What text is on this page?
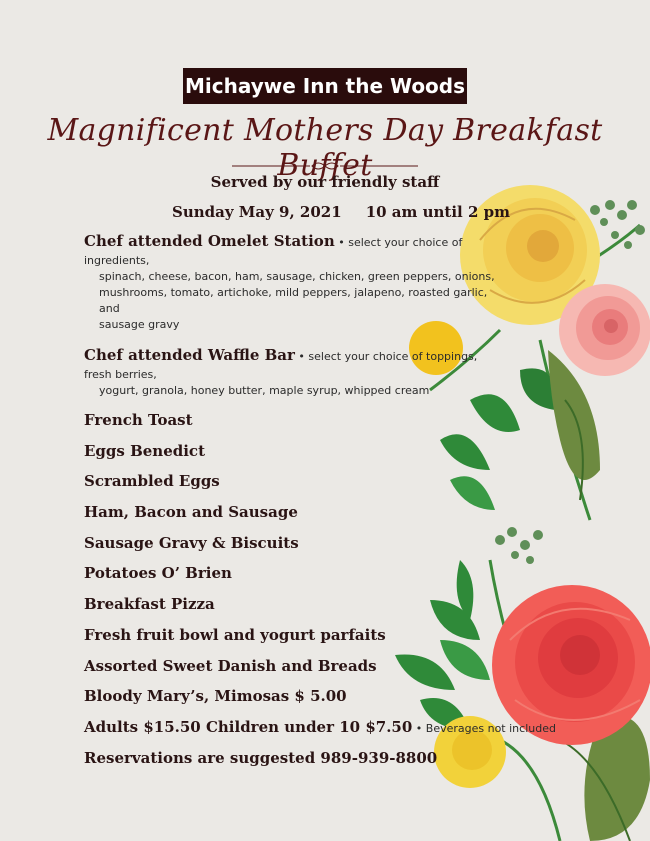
Michaywe Inn the Woods
Magnificent Mothers Day Breakfast Buffet
Served by our friendly staff
Sunday May 9, 2021 10 am until 2 pm
Chef attended Omelet Station • select your choice of ingredients,
spinach, cheese, bacon, ham, sausage, chicken, green peppers, onions,
mushrooms, tomato, artichoke, mild peppers, jalapeno, roasted garlic, and
sausage gravy
Chef attended Waffle Bar • select your choice of toppings, fresh berries,
yogurt, granola, honey butter, maple syrup, whipped cream
French Toast
Eggs Benedict
Scrambled Eggs
Ham, Bacon and Sausage
Sausage Gravy & Biscuits
Potatoes O’ Brien
Breakfast Pizza
Fresh fruit bowl and yogurt parfaits
Assorted Sweet Danish and Breads
Bloody Mary’s, Mimosas $ 5.00
Adults $15.50 Children under 10 $7.50 • Beverages not included
Reservations are suggested 989-939-8800
